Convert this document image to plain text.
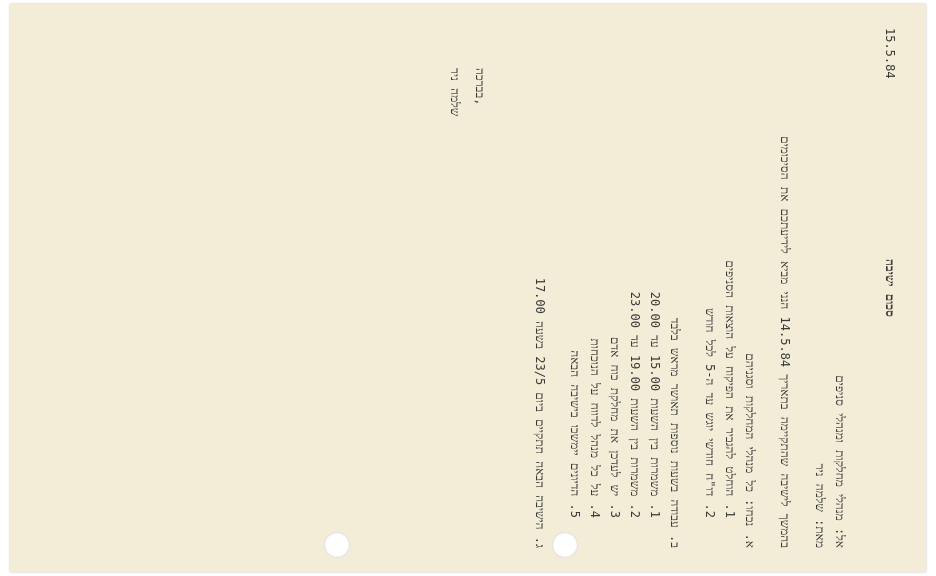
15.5.84
סכום ישיבה
אל: מנהלי מחלקות ומנהלי סניפים
מאת: שלמה ניר
בהמשך לישיבה שהתקיימה בתאריך 14.5.84 הנני מביא לידיעתכם את הסיכומים
א. נכחו: כל מנהלי המחלקות וסגניהם
1. הוחלט להגביר את הפיקוח על הוצאות הסניפים
2. דו"ח חודשי יוגש עד ה-5 לכל חודש
ב. עבודה בשעות נוספות תאושר מראש בלבד
1. משמרות בין השעות 15.00 עד 20.00
2. משמרות בין השעות 19.00 עד 23.00
3. יש לעדכן את מחלקת כוח אדם
4. על כל מנהל לדווח על הנוכחות
5. הדיונים יימשכו בישיבה הבאה
ג. הישיבה הבאה תתקיים ביום 23/5 בשעה 17.00
בברכה,
שלמה ניר
